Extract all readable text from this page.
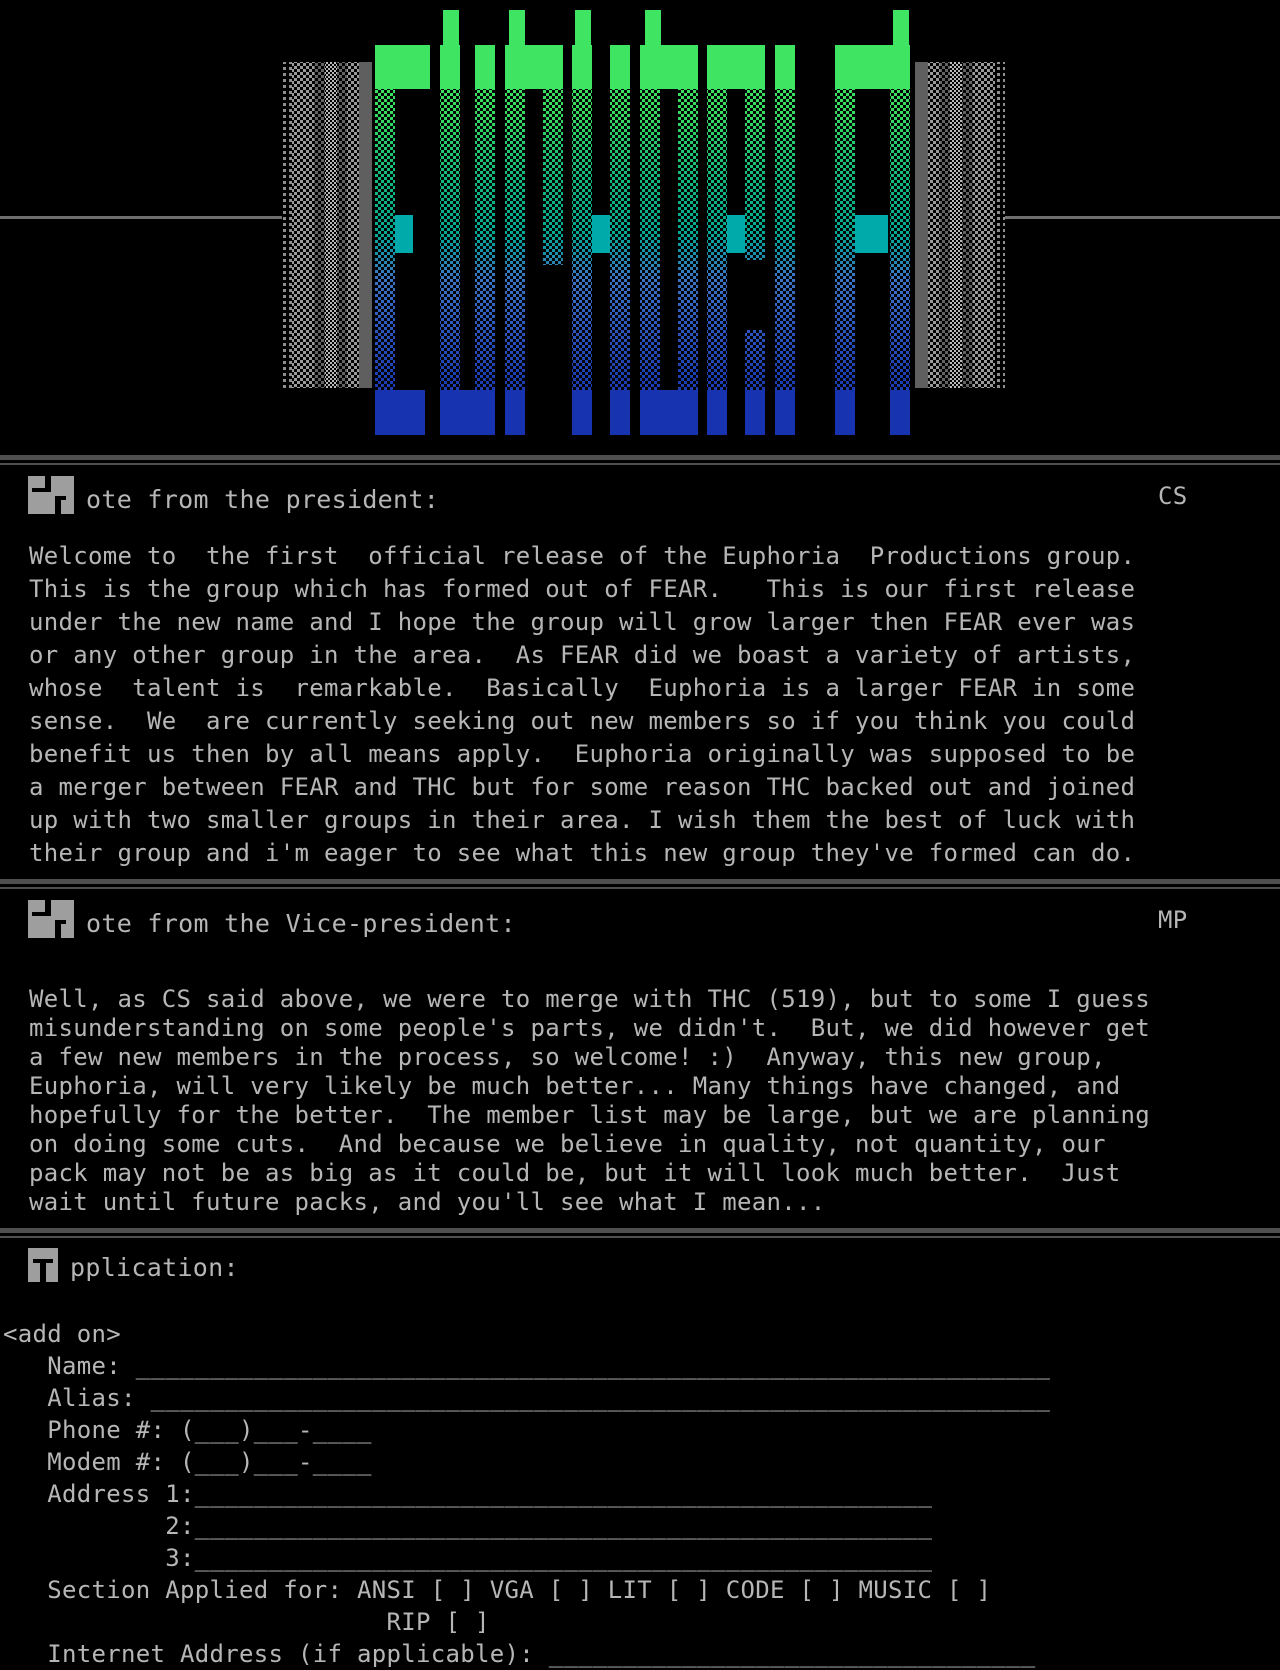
ote from the president:	CS
Welcome to  the first  official release of the Euphoria  Productions group.
This is the group which has formed out of FEAR.   This is our first release
under the new name and I hope the group will grow larger then FEAR ever was
or any other group in the area.  As FEAR did we boast a variety of artists,
whose  talent is  remarkable.  Basically  Euphoria is a larger FEAR in some
sense.  We  are currently seeking out new members so if you think you could
benefit us then by all means apply.  Euphoria originally was supposed to be
a merger between FEAR and THC but for some reason THC backed out and joined
up with two smaller groups in their area. I wish them the best of luck with
their group and i'm eager to see what this new group they've formed can do.
ote from the Vice-president:	MP
Well, as CS said above, we were to merge with THC (519), but to some I guess
misunderstanding on some people's parts, we didn't.  But, we did however get
a few new members in the process, so welcome! :)  Anyway, this new group,
Euphoria, will very likely be much better... Many things have changed, and
hopefully for the better.  The member list may be large, but we are planning
on doing some cuts.  And because we believe in quality, not quantity, our
pack may not be as big as it could be, but it will look much better.  Just
wait until future packs, and you'll see what I mean...
pplication:
<add on>
Name: ______________________________________________________________
Alias: _____________________________________________________________
Phone #: (___)___-____
Modem #: (___)___-____
Address 1:__________________________________________________
2:__________________________________________________
3:__________________________________________________
Section Applied for: ANSI [ ] VGA [ ] LIT [ ] CODE [ ] MUSIC [ ]
RIP [ ]
Internet Address (if applicable): _________________________________
